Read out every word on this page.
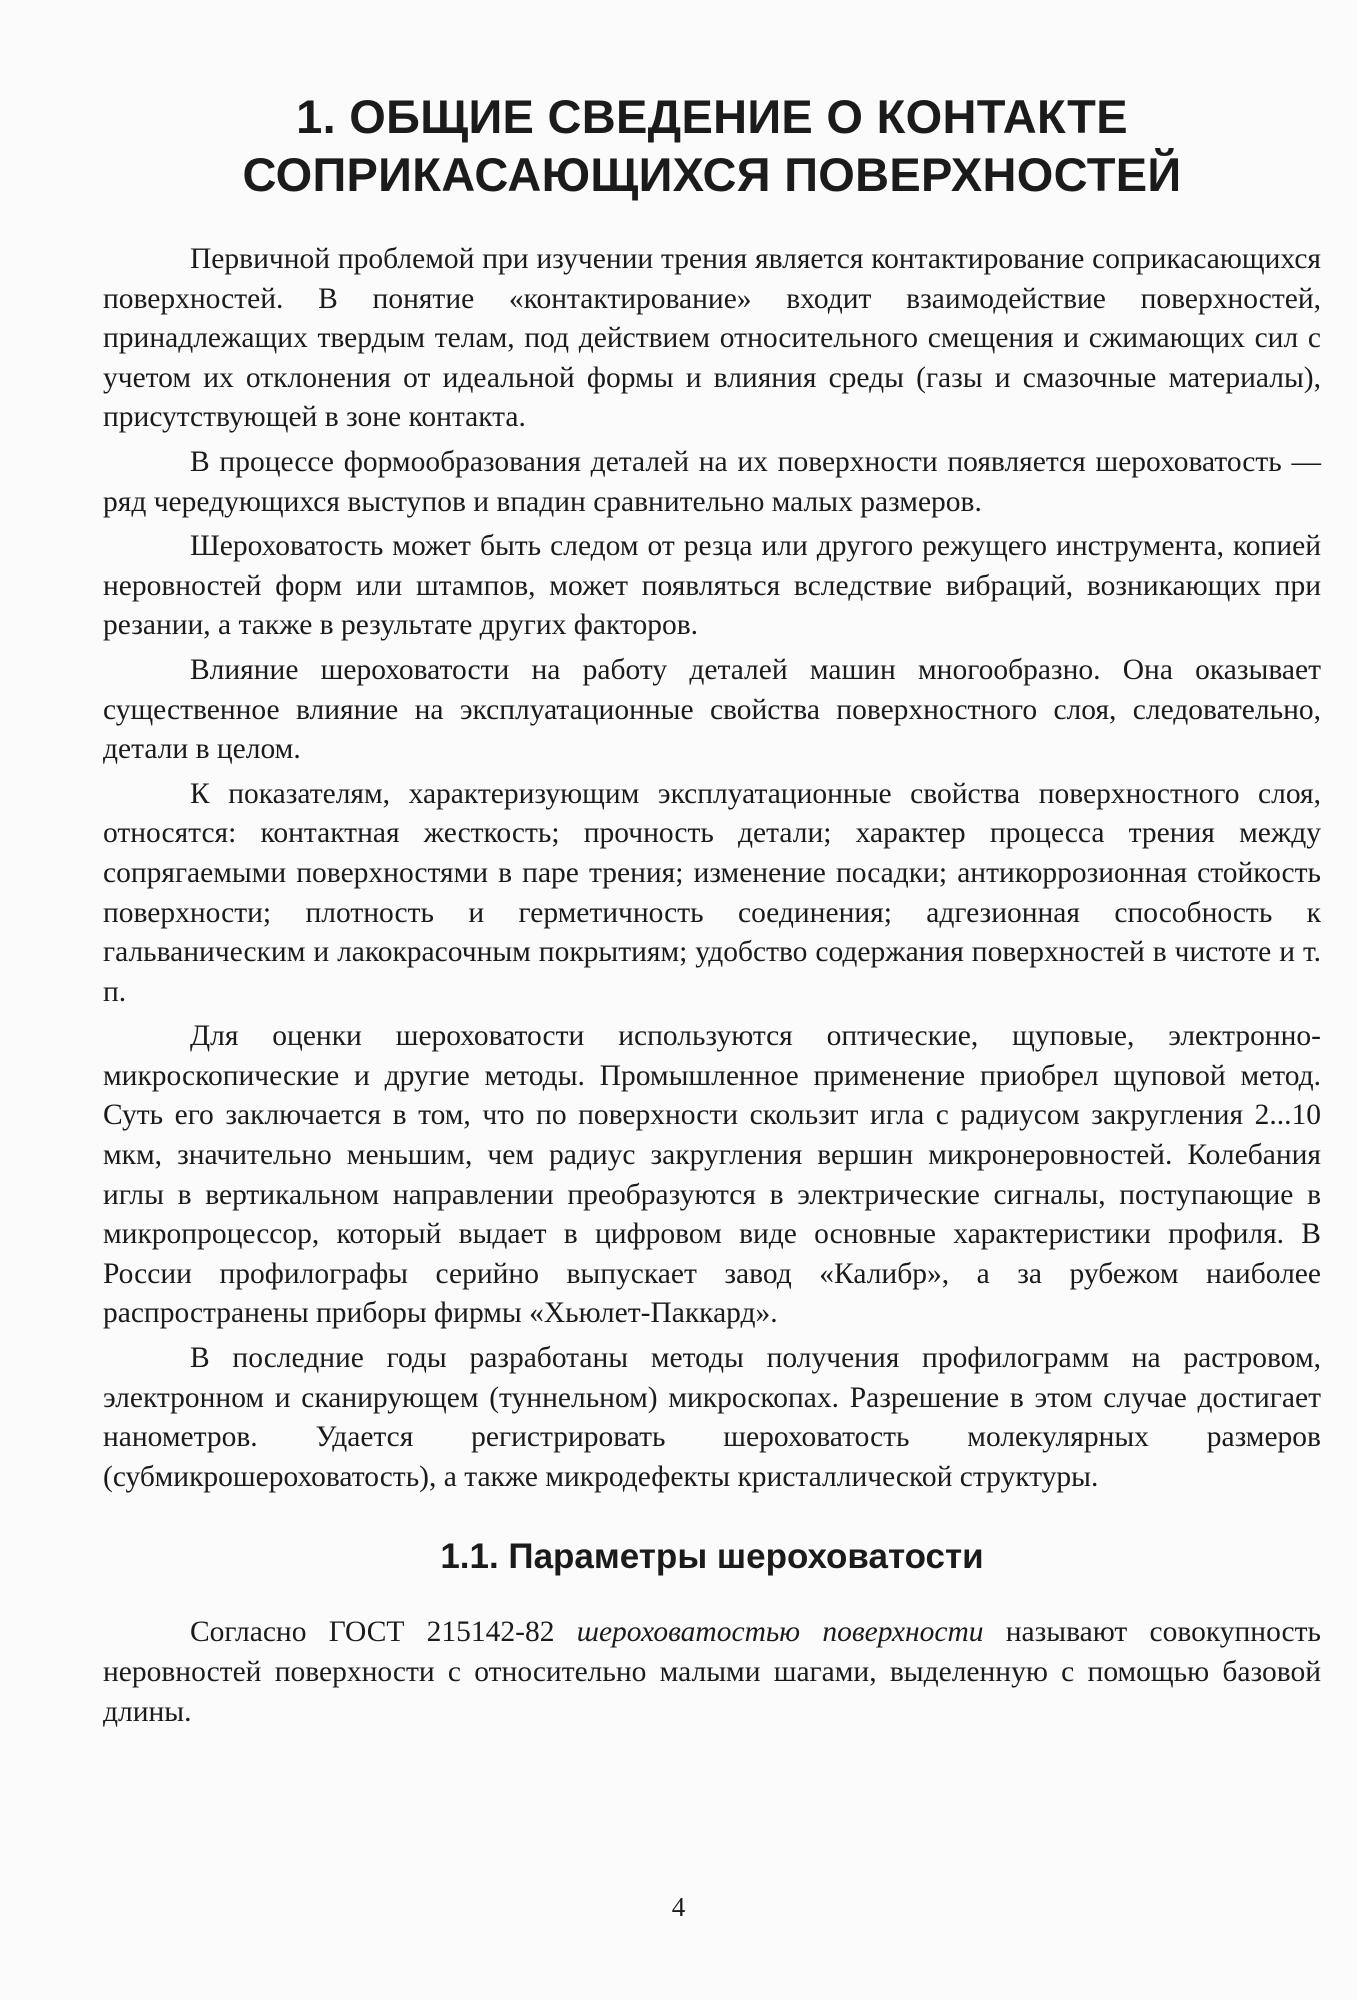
1. ОБЩИЕ СВЕДЕНИЕ О КОНТАКТЕ
СОПРИКАСАЮЩИХСЯ ПОВЕРХНОСТЕЙ

Первичной проблемой при изучении трения является контактирование соприкасающихся поверхностей. В понятие «контактирование» входит взаимодействие поверхностей, принадлежащих твердым телам, под действием относительного смещения и сжимающих сил с учетом их отклонения от идеальной формы и влияния среды (газы и смазочные материалы), присутствующей в зоне контакта.

В процессе формообразования деталей на их поверхности появляется шероховатость — ряд чередующихся выступов и впадин сравнительно малых размеров.

Шероховатость может быть следом от резца или другого режущего инструмента, копией неровностей форм или штампов, может появляться вследствие вибраций, возникающих при резании, а также в результате других факторов.

Влияние шероховатости на работу деталей машин многообразно. Она оказывает существенное влияние на эксплуатационные свойства поверхностного слоя, следовательно, детали в целом.

К показателям, характеризующим эксплуатационные свойства поверхностного слоя, относятся: контактная жесткость; прочность детали; характер процесса трения между сопрягаемыми поверхностями в паре трения; изменение посадки; антикоррозионная стойкость поверхности; плотность и герметичность соединения; адгезионная способность к гальваническим и лакокрасочным покрытиям; удобство содержания поверхностей в чистоте и т. п.

Для оценки шероховатости используются оптические, щуповые, электронно-микроскопические и другие методы. Промышленное применение приобрел щуповой метод. Суть его заключается в том, что по поверхности скользит игла с радиусом закругления 2...10 мкм, значительно меньшим, чем радиус закругления вершин микронеровностей. Колебания иглы в вертикальном направлении преобразуются в электрические сигналы, поступающие в микропроцессор, который выдает в цифровом виде основные характеристики профиля. В России профилографы серийно выпускает завод «Калибр», а за рубежом наиболее распространены приборы фирмы «Хьюлет-Паккард».

В последние годы разработаны методы получения профилограмм на растровом, электронном и сканирующем (туннельном) микроскопах. Разрешение в этом случае достигает нанометров. Удается регистрировать шероховатость молекулярных размеров (субмикрошероховатость), а также микродефекты кристаллической структуры.

1.1. Параметры шероховатости

Согласно ГОСТ 215142-82 шероховатостью поверхности называют совокупность неровностей поверхности с относительно малыми шагами, выделенную с помощью базовой длины.

4
